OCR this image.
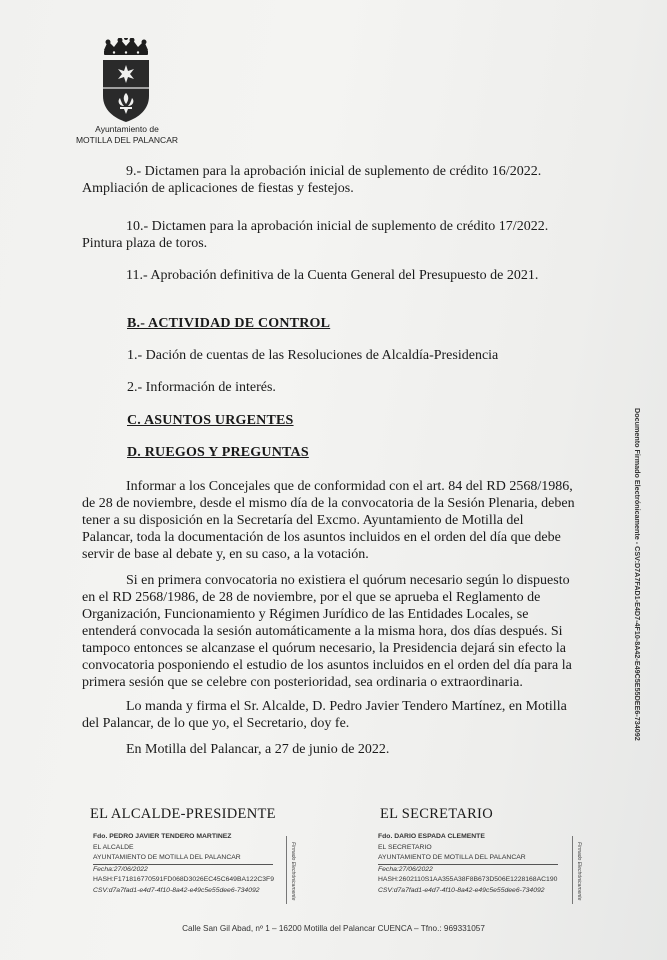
Ayuntamiento de
MOTILLA DEL PALANCAR
9.- Dictamen para la aprobación inicial de suplemento de crédito 16/2022.
Ampliación de aplicaciones de fiestas y festejos.
10.- Dictamen para la aprobación inicial de suplemento de crédito 17/2022.
Pintura plaza de toros.
11.- Aprobación definitiva de la Cuenta General del Presupuesto de 2021.
B.- ACTIVIDAD DE CONTROL
1.- Dación de cuentas de las Resoluciones de Alcaldía-Presidencia
2.- Información de interés.
C. ASUNTOS URGENTES
D. RUEGOS Y PREGUNTAS
Informar a los Concejales que de conformidad con el art. 84 del RD 2568/1986,
de 28 de noviembre, desde el mismo día de la convocatoria de la Sesión Plenaria, deben
tener a su disposición en la Secretaría del Excmo. Ayuntamiento de Motilla del
Palancar, toda la documentación de los asuntos incluidos en el orden del día que debe
servir de base al debate y, en su caso, a la votación.
Si en primera convocatoria no existiera el quórum necesario según lo dispuesto
en el RD 2568/1986, de 28 de noviembre, por el que se aprueba el Reglamento de
Organización, Funcionamiento y Régimen Jurídico de las Entidades Locales, se
entenderá convocada la sesión automáticamente a la misma hora, dos días después. Si
tampoco entonces se alcanzase el quórum necesario, la Presidencia dejará sin efecto la
convocatoria posponiendo el estudio de los asuntos incluidos en el orden del día para la
primera sesión que se celebre con posterioridad, sea ordinaria o extraordinaria.
Lo manda y firma el Sr. Alcalde, D. Pedro Javier Tendero Martínez, en Motilla
del Palancar, de lo que yo, el Secretario, doy fe.
En Motilla del Palancar, a 27 de junio de 2022.
Documento Firmado Electrónicamente - CSV:D7A7FAD1-E4D7-4F10-8A42-E49C5E55DEE6-734092
EL ALCALDE-PRESIDENTE	EL SECRETARIO
Fdo. PEDRO JAVIER TENDERO MARTINEZ
EL ALCALDE
AYUNTAMIENTO DE MOTILLA DEL PALANCAR
Fecha:27/06/2022
HASH:F171816770591FD068D3026EC45C649BA122C3F9
CSV:d7a7fad1-e4d7-4f10-8a42-e49c5e55dee6-734092	Firmado Electrónicamente
Fdo. DARIO ESPADA CLEMENTE
EL SECRETARIO
AYUNTAMIENTO DE MOTILLA DEL PALANCAR
Fecha:27/06/2022
HASH:2602110S1AA355A38F8B673D506E1228168AC190
CSV:d7a7fad1-e4d7-4f10-8a42-e49c5e55dee6-734092	Firmado Electrónicamente
Calle San Gil Abad, nº 1 – 16200 Motilla del Palancar CUENCA – Tfno.: 969331057
